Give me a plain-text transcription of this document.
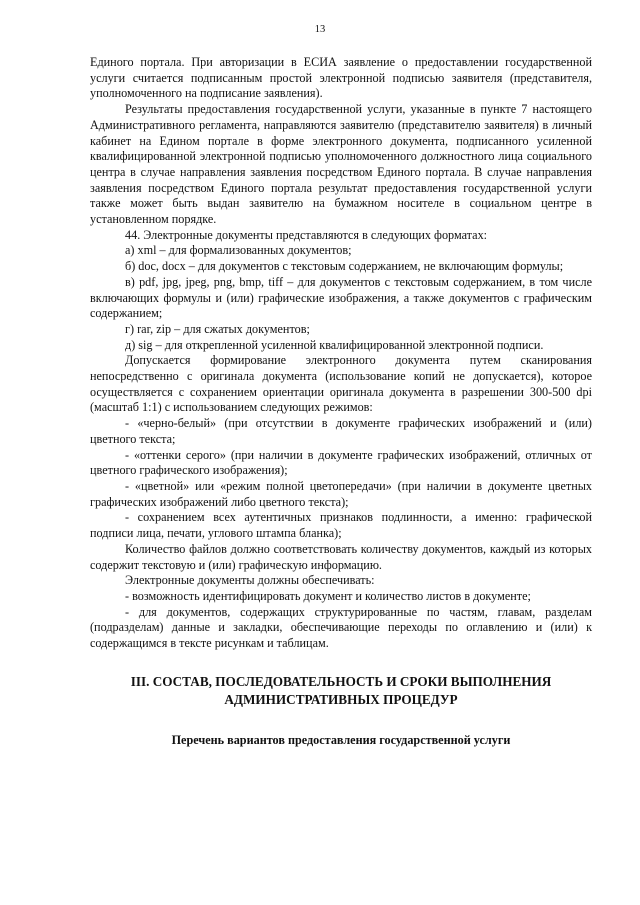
13

Единого портала. При авторизации в ЕСИА заявление о предоставлении государственной услуги считается подписанным простой электронной подписью заявителя (представителя, уполномоченного на подписание заявления).

Результаты предоставления государственной услуги, указанные в пункте 7 настоящего Административного регламента, направляются заявителю (представителю заявителя) в личный кабинет на Едином портале в форме электронного документа, подписанного усиленной квалифицированной электронной подписью уполномоченного должностного лица социального центра в случае направления заявления посредством Единого портала. В случае направления заявления посредством Единого портала результат предоставления государственной услуги также может быть выдан заявителю на бумажном носителе в социальном центре в установленном порядке.

44. Электронные документы представляются в следующих форматах:

а) xml – для формализованных документов;

б) doc, docx – для документов с текстовым содержанием, не включающим формулы;

в) pdf, jpg, jpeg, png, bmp, tiff – для документов с текстовым содержанием, в том числе включающих формулы и (или) графические изображения, а также документов с графическим содержанием;

г) rar, zip – для сжатых документов;

д) sig – для открепленной усиленной квалифицированной электронной подписи.

Допускается формирование электронного документа путем сканирования непосредственно с оригинала документа (использование копий не допускается), которое осуществляется с сохранением ориентации оригинала документа в разрешении 300-500 dpi (масштаб 1:1) с использованием следующих режимов:

- «черно-белый» (при отсутствии в документе графических изображений и (или) цветного текста;

- «оттенки серого» (при наличии в документе графических изображений, отличных от цветного графического изображения);

- «цветной» или «режим полной цветопередачи» (при наличии в документе цветных графических изображений либо цветного текста);

- сохранением всех аутентичных признаков подлинности, а именно: графической подписи лица, печати, углового штампа бланка);

Количество файлов должно соответствовать количеству документов, каждый из которых содержит текстовую и (или) графическую информацию.

Электронные документы должны обеспечивать:

- возможность идентифицировать документ и количество листов в документе;

- для документов, содержащих структурированные по частям, главам, разделам (подразделам) данные и закладки, обеспечивающие переходы по оглавлению и (или) к содержащимся в тексте рисункам и таблицам.

III. СОСТАВ, ПОСЛЕДОВАТЕЛЬНОСТЬ И СРОКИ ВЫПОЛНЕНИЯ АДМИНИСТРАТИВНЫХ ПРОЦЕДУР
Перечень вариантов предоставления государственной услуги
